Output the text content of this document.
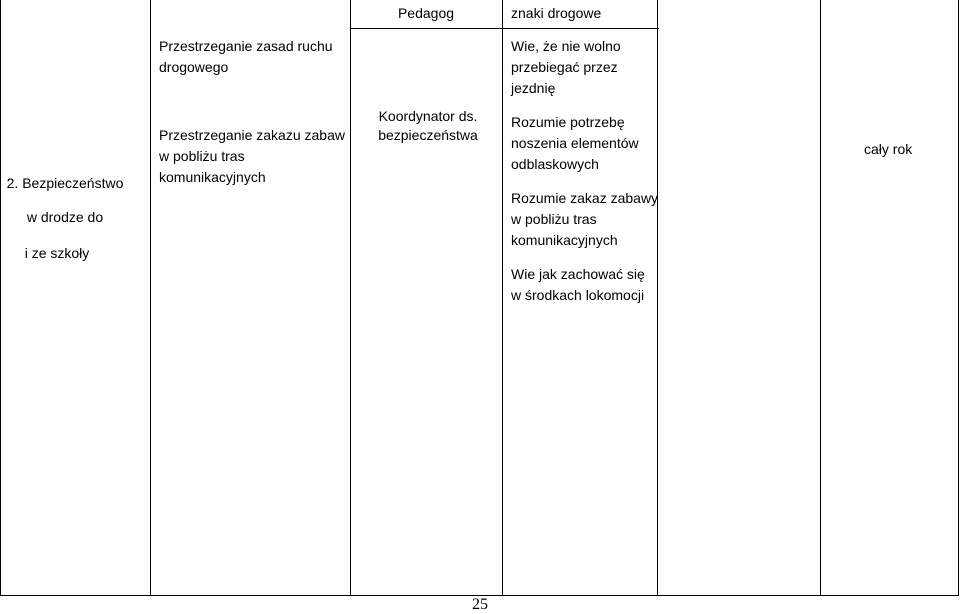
Pedagog	znaki drogowe
2. Bezpieczeństwo
w drodze do
i ze szkoły
Przestrzeganie zasad ruchu
drogowego
Przestrzeganie zakazu zabaw
w pobliżu tras
komunikacyjnych
Koordynator ds.
bezpieczeństwa
Wie, że nie wolno
przebiegać przez
jezdnię
Rozumie potrzebę
noszenia elementów
odblaskowych
Rozumie zakaz zabawy
w pobliżu tras
komunikacyjnych
Wie jak zachować się
w środkach lokomocji
cały rok
25
